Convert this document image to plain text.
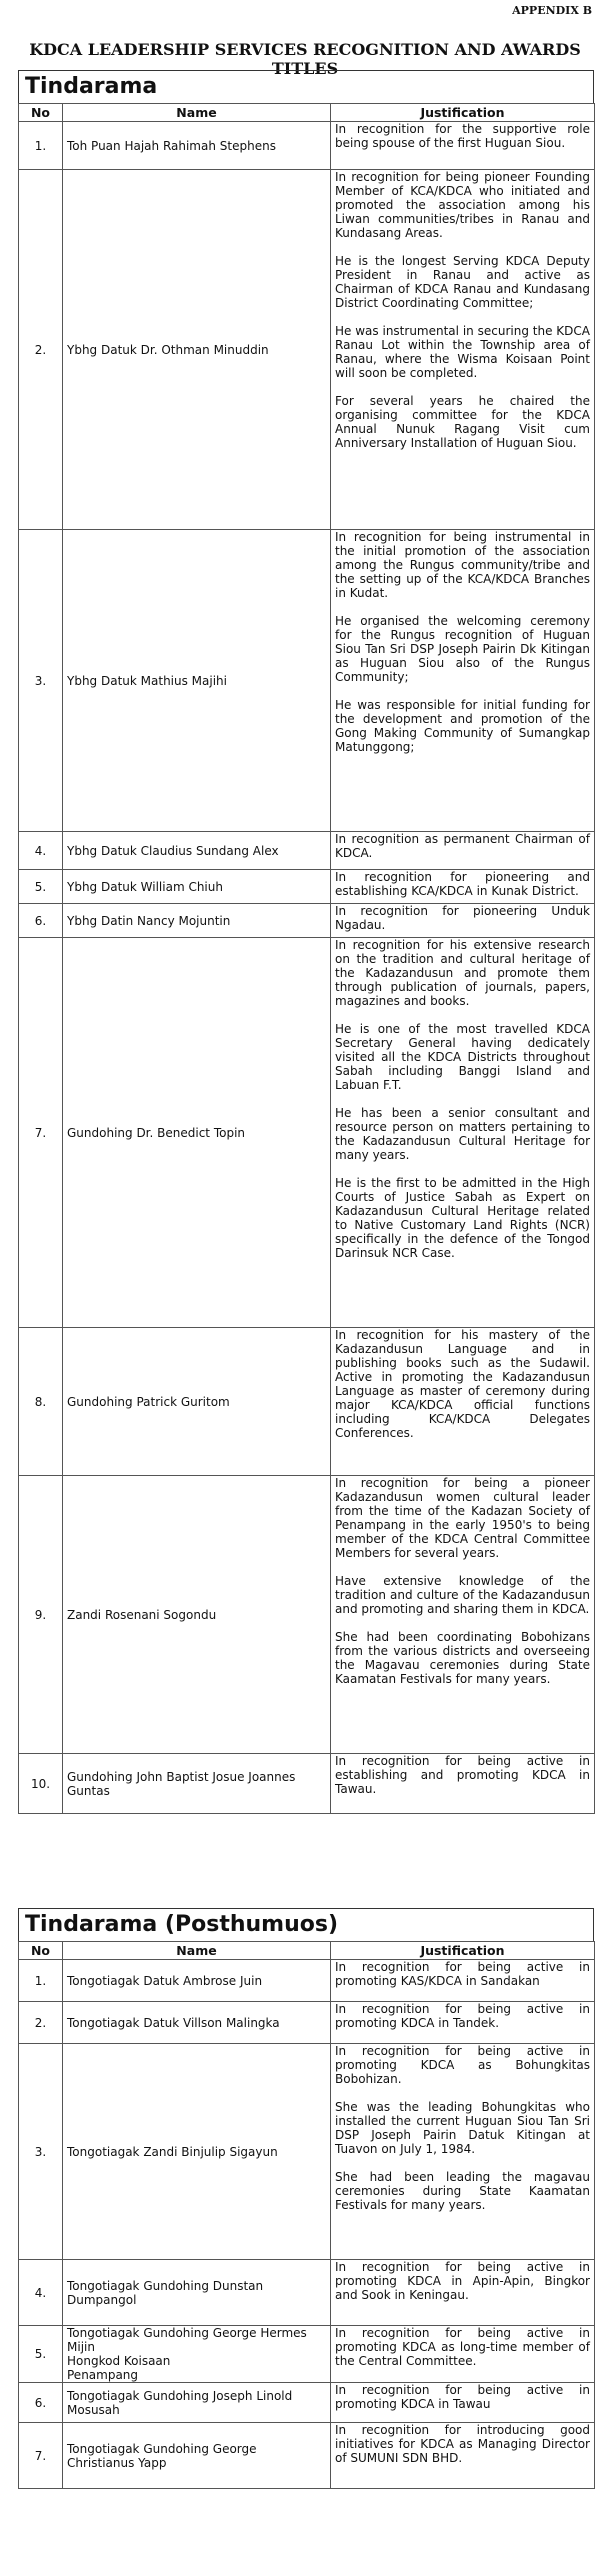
APPENDIX B
KDCA LEADERSHIP SERVICES RECOGNITION AND AWARDS TITLES
Tindarama
No	Name	Justification
1.	Toh Puan Hajah Rahimah Stephens	In recognition for the supportive role being spouse of the first Huguan Siou.

2.	Ybhg Datuk Dr. Othman Minuddin	In recognition for being pioneer Founding Member of KCA/KDCA who initiated and promoted the association among his Liwan communities/tribes in Ranau and Kundasang Areas.

He is the longest Serving KDCA Deputy President in Ranau and active as Chairman of KDCA Ranau and Kundasang District Coordinating Committee;

He was instrumental in securing the KDCA Ranau Lot within the Township area of Ranau, where the Wisma Koisaan Point will soon be completed.

For several years he chaired the organising committee for the KDCA Annual Nunuk Ragang Visit cum Anniversary Installation of Huguan Siou.

3.	Ybhg Datuk Mathius Majihi	In recognition for being instrumental in the initial promotion of the association among the Rungus community/tribe and the setting up of the KCA/KDCA Branches in Kudat.

He organised the welcoming ceremony for the Rungus recognition of Huguan Siou Tan Sri DSP Joseph Pairin Dk Kitingan as Huguan Siou also of the Rungus Community;

He was responsible for initial funding for the development and promotion of the Gong Making Community of Sumangkap Matunggong;

4.	Ybhg Datuk Claudius Sundang Alex	In recognition as permanent Chairman of KDCA.

5.	Ybhg Datuk William Chiuh	In recognition for pioneering and establishing KCA/KDCA in Kunak District.

6.	Ybhg Datin Nancy Mojuntin	In recognition for pioneering Unduk Ngadau.

7.	Gundohing Dr. Benedict Topin	In recognition for his extensive research on the tradition and cultural heritage of the Kadazandusun and promote them through publication of journals, papers, magazines and books.

He is one of the most travelled KDCA Secretary General having dedicately visited all the KDCA Districts throughout Sabah including Banggi Island and Labuan F.T.

He has been a senior consultant and resource person on matters pertaining to the Kadazandusun Cultural Heritage for many years.

He is the first to be admitted in the High Courts of Justice Sabah as Expert on Kadazandusun Cultural Heritage related to Native Customary Land Rights (NCR) specifically in the defence of the Tongod Darinsuk NCR Case.

8.	Gundohing Patrick Guritom	In recognition for his mastery of the Kadazandusun Language and in publishing books such as the Sudawil. Active in promoting the Kadazandusun Language as master of ceremony during major KCA/KDCA official functions including KCA/KDCA Delegates Conferences.

9.	Zandi Rosenani Sogondu	In recognition for being a pioneer Kadazandusun women cultural leader from the time of the Kadazan Society of Penampang in the early 1950's to being member of the KDCA Central Committee Members for several years.

Have extensive knowledge of the tradition and culture of the Kadazandusun and promoting and sharing them in KDCA.

She had been coordinating Bobohizans from the various districts and overseeing the Magavau ceremonies during State Kaamatan Festivals for many years.

10.	Gundohing John Baptist Josue Joannes Guntas	In recognition for being active in establishing and promoting KDCA in Tawau.

Tindarama (Posthumuos)
No	Name	Justification
1.	Tongotiagak Datuk Ambrose Juin	In recognition for being active in promoting KAS/KDCA in Sandakan

2.	Tongotiagak Datuk Villson Malingka	In recognition for being active in promoting KDCA in Tandek.

3.	Tongotiagak Zandi Binjulip Sigayun	In recognition for being active in promoting KDCA as Bohungkitas Bobohizan.

She was the leading Bohungkitas who installed the current Huguan Siou Tan Sri DSP Joseph Pairin Datuk Kitingan at Tuavon on July 1, 1984.

She had been leading the magavau ceremonies during State Kaamatan Festivals for many years.

4.	Tongotiagak Gundohing Dunstan Dumpangol	In recognition for being active in promoting KDCA in Apin-Apin, Bingkor and Sook in Keningau.

5.	Tongotiagak Gundohing George Hermes Mijin
Hongkod Koisaan
Penampang	In recognition for being active in promoting KDCA as long-time member of the Central Committee.

6.	Tongotiagak Gundohing Joseph Linold Mosusah	In recognition for being active in promoting KDCA in Tawau

7.	Tongotiagak Gundohing George Christianus Yapp	In recognition for introducing good initiatives for KDCA as Managing Director of SUMUNI SDN BHD.
